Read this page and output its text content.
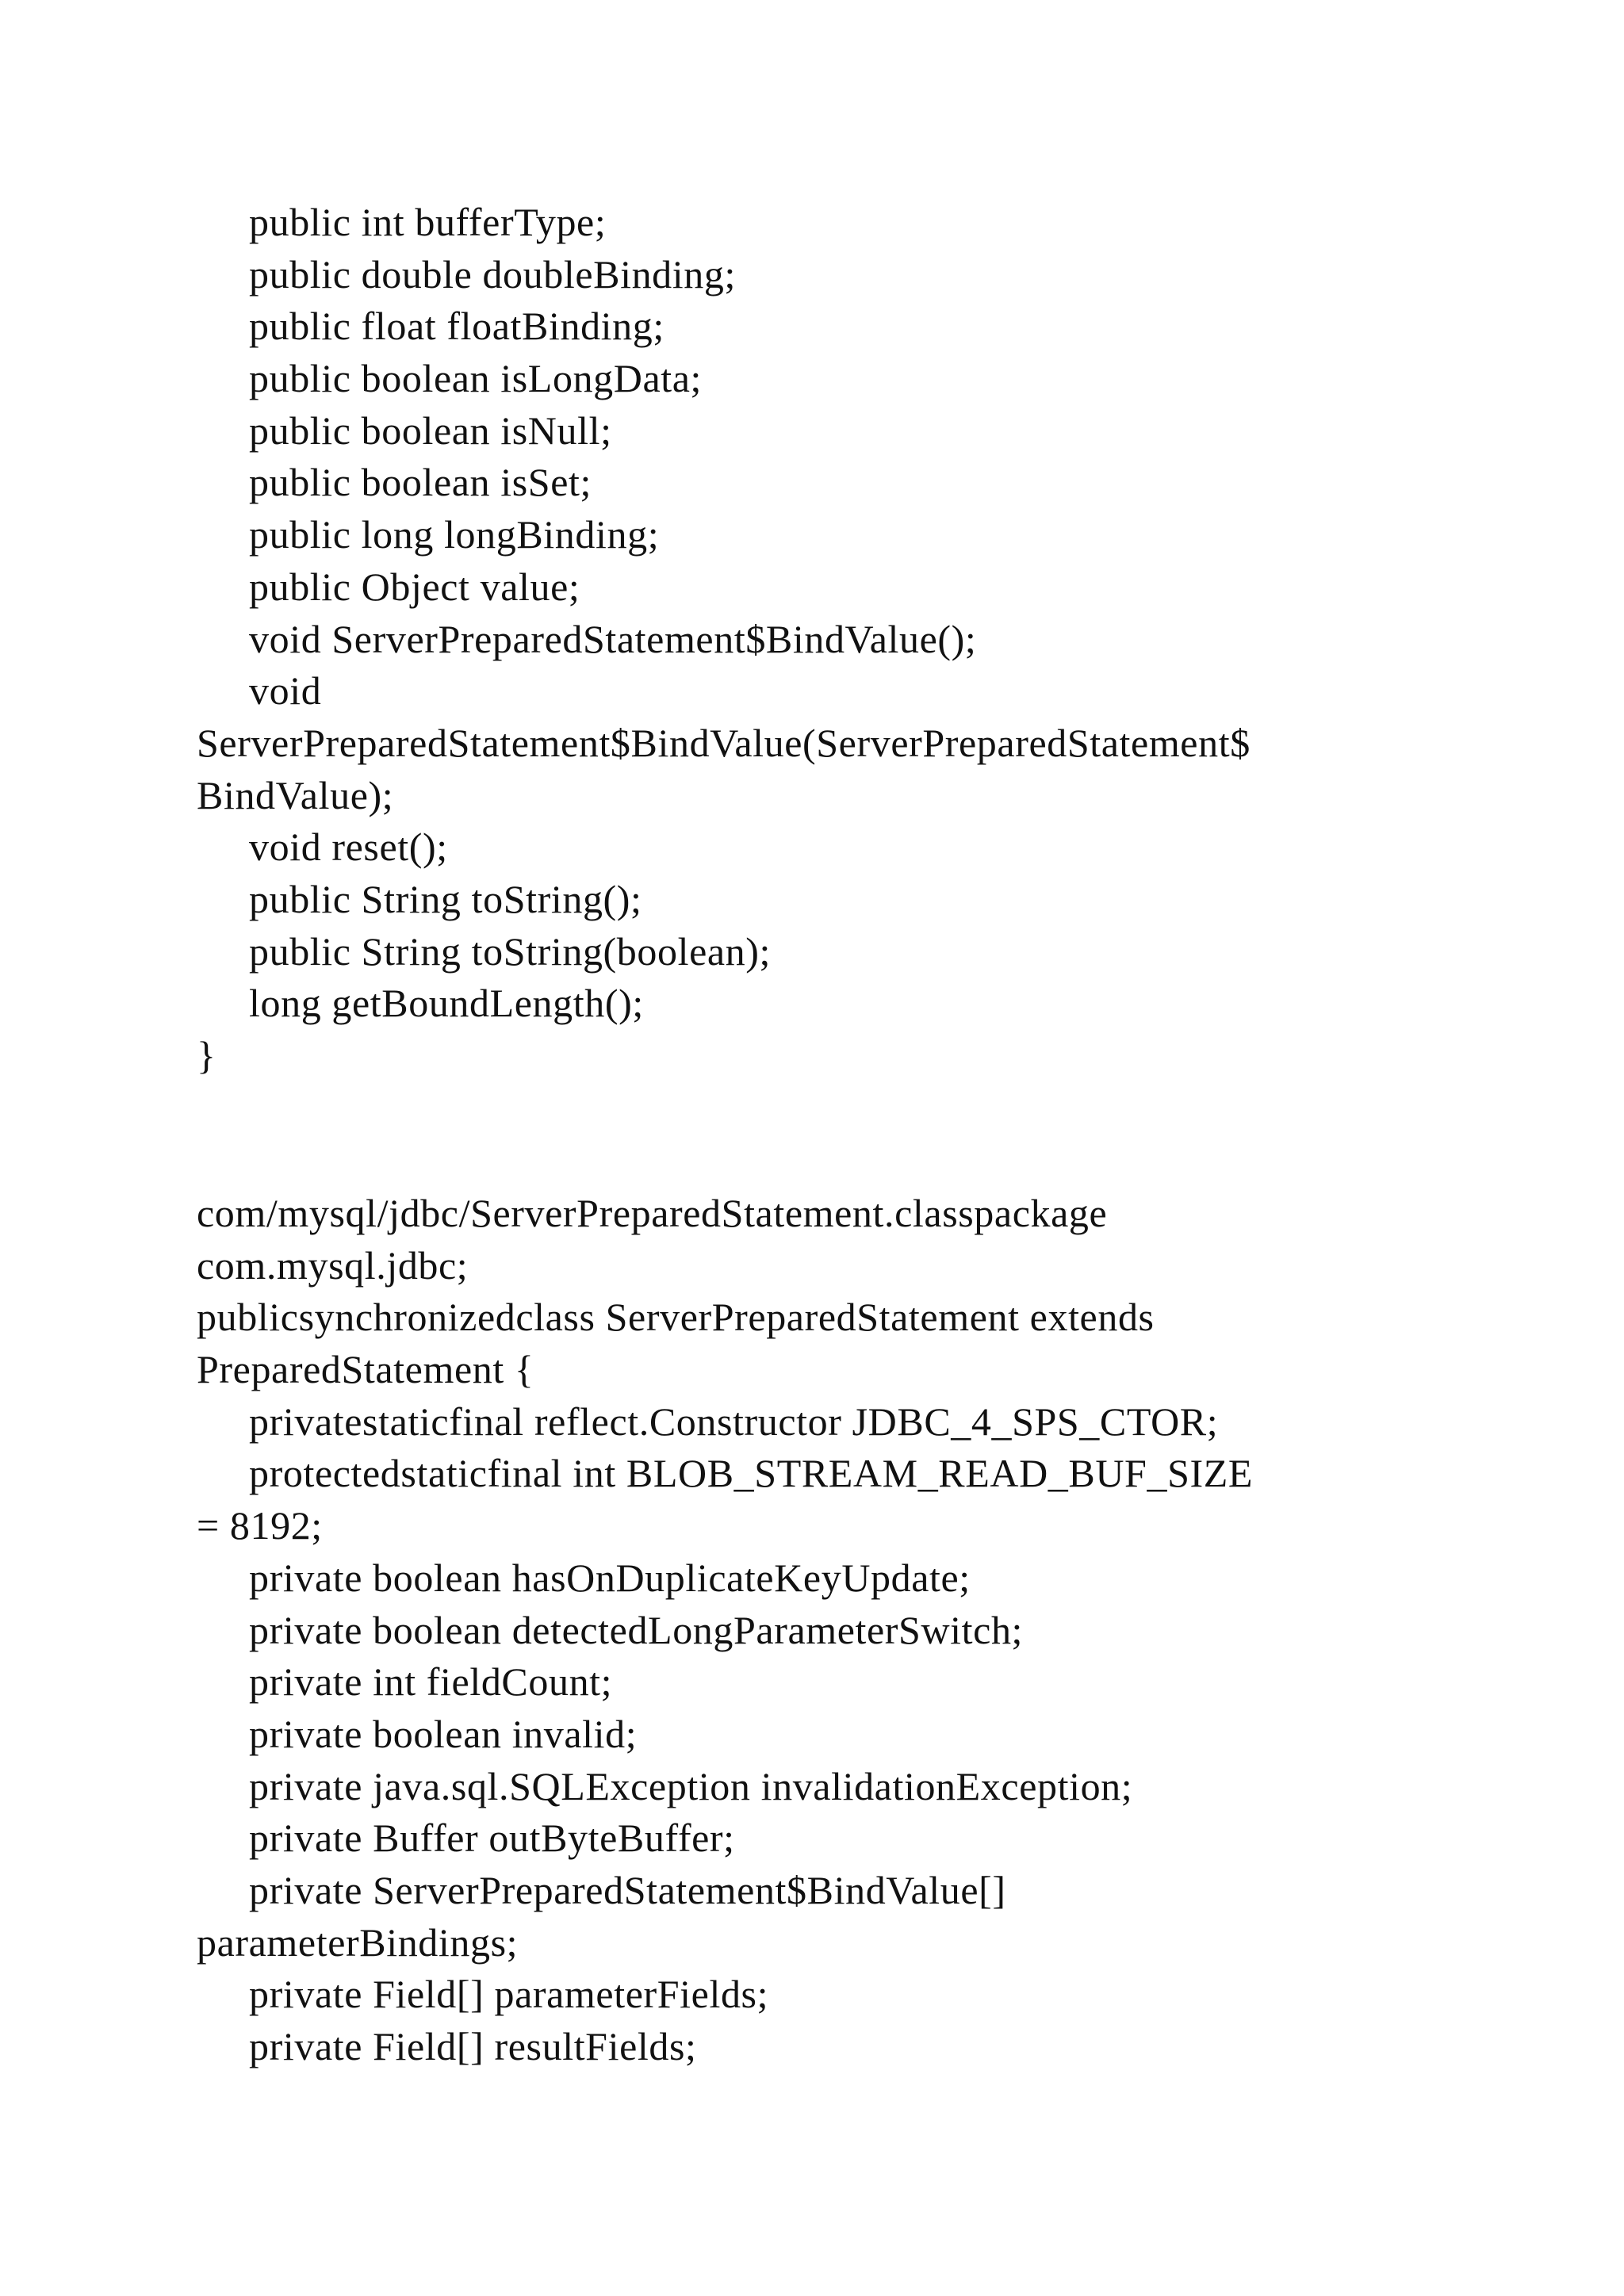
public int bufferType;
public double doubleBinding;
public float floatBinding;
public boolean isLongData;
public boolean isNull;
public boolean isSet;
public long longBinding;
public Object value;
void ServerPreparedStatement$BindValue();
void
ServerPreparedStatement$BindValue(ServerPreparedStatement$
BindValue);
void reset();
public String toString();
public String toString(boolean);
long getBoundLength();
}
com/mysql/jdbc/ServerPreparedStatement.classpackage
com.mysql.jdbc;
publicsynchronizedclass ServerPreparedStatement extends
PreparedStatement {
privatestaticfinal reflect.Constructor JDBC_4_SPS_CTOR;
protectedstaticfinal int BLOB_STREAM_READ_BUF_SIZE
= 8192;
private boolean hasOnDuplicateKeyUpdate;
private boolean detectedLongParameterSwitch;
private int fieldCount;
private boolean invalid;
private java.sql.SQLException invalidationException;
private Buffer outByteBuffer;
private ServerPreparedStatement$BindValue[]
parameterBindings;
private Field[] parameterFields;
private Field[] resultFields;
